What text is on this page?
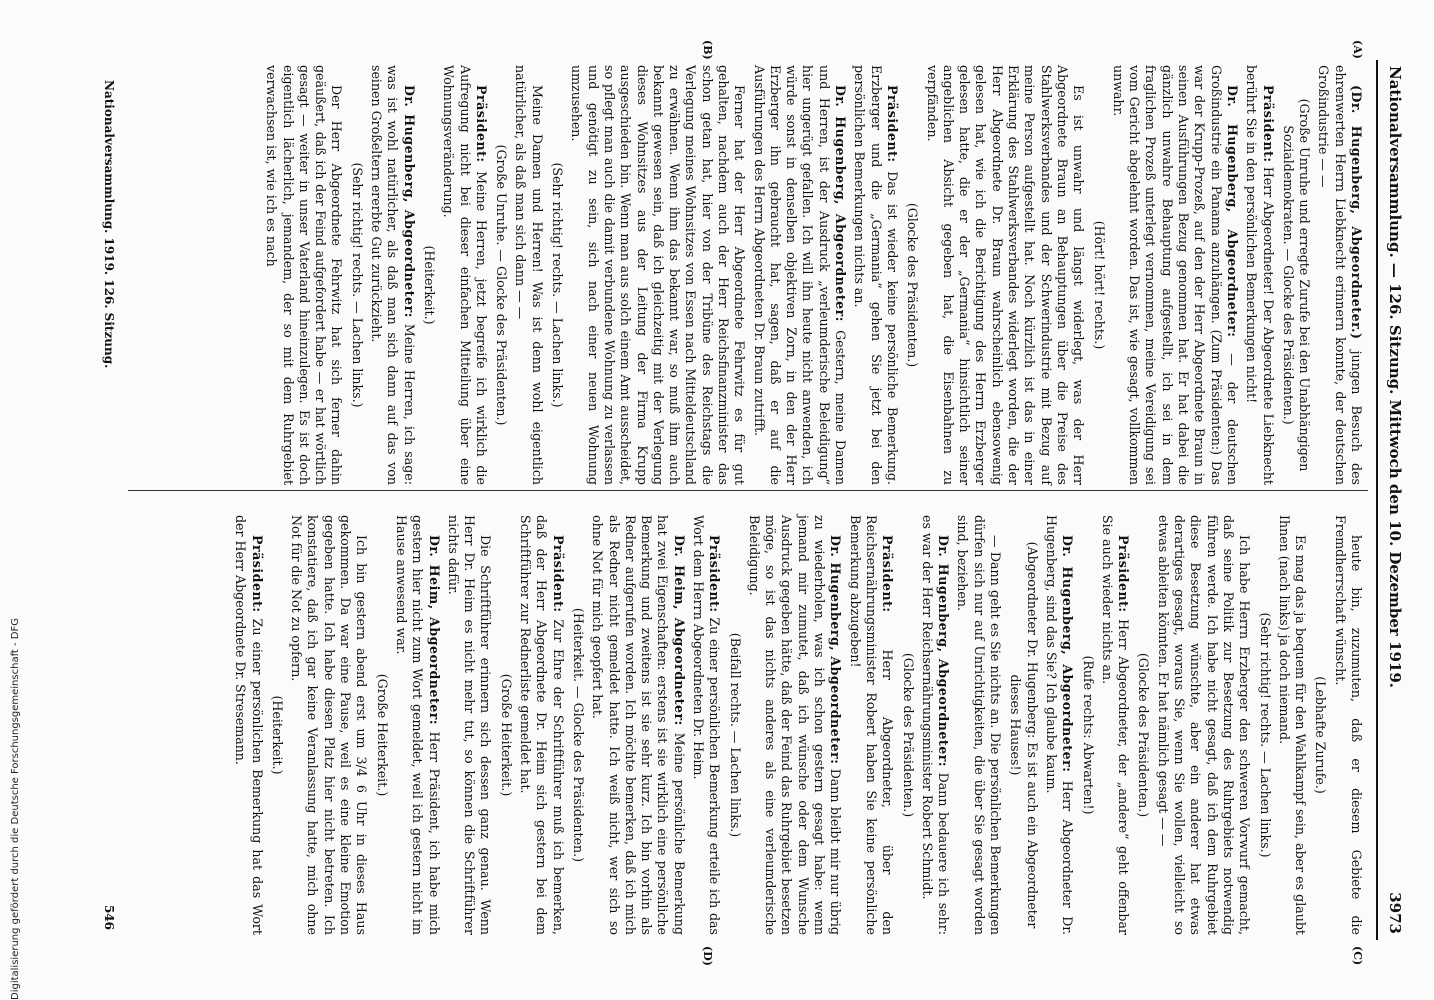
Nationalversammlung. — 126. Sitzung. Mittwoch den 10. Dezember 1919.
3973
(A)
(B)
(C)
(D)

(Dr. Hugenberg, Abgeordneter.) jungen Besuch des ehrenwerten Herrn Liebknecht erinnern konnte, der deutschen Großindustrie — —

(Große Unruhe und erregte Zurufe bei den Unabhängigen Sozialdemokraten. — Glocke des Präsidenten.)

Präsident: Herr Abgeordneter! Der Abgeordnete Liebknecht berührt Sie in den persönlichen Bemerkungen nicht!

Dr. Hugenberg, Abgeordneter: — der deutschen Großindustrie ein Panama anzuhängen. (Zum Präsidenten:) Das war der Krupp-Prozeß, auf den der Herr Abgeordnete Braun in seinen Ausführungen Bezug genommen hat. Er hat dabei die gänzlich unwahre Behauptung aufgestellt, ich sei in dem fraglichen Prozeß unterlegt vernommen, meine Vereidigung sei vom Gericht abgelehnt worden. Das ist, wie gesagt, vollkommen unwahr.

(Hört! hört! rechts.)

Es ist unwahr und längst widerlegt, was der Herr Abgeordnete Braun an Behauptungen über die Preise des Stahlwerksverbandes und der Schwerindustrie mit Bezug auf meine Person aufgestellt hat. Noch kürzlich ist das in einer Erklärung des Stahlwerksverbandes widerlegt worden, die der Herr Abgeordnete Dr. Braun wahrscheinlich ebensowenig gelesen hat, wie ich die Berichtigung des Herrn Erzberger gelesen hatte, die er der „Germania“ hinsichtlich seiner angeblichen Absicht gegeben hat, die Eisenbahnen zu verpfänden.

(Glocke des Präsidenten.)

Präsident: Das ist wieder keine persönliche Bemerkung. Erzberger und die „Germania“ gehen Sie jetzt bei den persönlichen Bemerkungen nichts an.

Dr. Hugenberg, Abgeordneter: Gestern, meine Damen und Herren, ist der Ausdruck „verleumderische Beleidigung“ hier ungerügt gefallen. Ich will ihn heute nicht anwenden, ich würde sonst in denselben objektiven Zorn, in den der Herr Erzberger ihn gebraucht hat, sagen, daß er auf die Ausführungen des Herrn Abgeordneten Dr. Braun zutrifft.

Ferner hat der Herr Abgeordnete Fehrwitz es für gut gehalten, nachdem auch der Herr Reichsfinanzminister das schon getan hat, hier von der Tribüne des Reichstags die Verlegung meines Wohnsitzes von Essen nach Mitteldeutschland zu erwähnen. Wenn ihm das bekannt war, so muß ihm auch bekannt gewesen sein, daß ich gleichzeitig mit der Verlegung dieses Wohnsitzes aus der Leitung der Firma Krupp ausgeschieden bin. Wenn man aus solch einem Amt ausscheidet, so pflegt man auch die damit verbundene Wohnung zu verlassen und genötigt zu sein, sich nach einer neuen Wohnung umzusehen.

(Sehr richtig! rechts. — Lachen links.)

Meine Damen und Herren! Was ist denn wohl eigentlich natürlicher, als daß man sich dann — —

(Große Unruhe. — Glocke des Präsidenten.)

Präsident: Meine Herren, jetzt begreife ich wirklich die Aufregung nicht bei dieser einfachen Mitteilung über eine Wohnungsveränderung.

(Heiterkeit.)

Dr. Hugenberg, Abgeordneter: Meine Herren, ich sage: was ist wohl natürlicher, als daß man sich dann auf das von seinen Großeltern ererbte Gut zurückzieht.

(Sehr richtig! rechts. — Lachen links.)

Der Herr Abgeordnete Fehrwitz hat sich ferner dahin geäußert, daß ich der Feind aufgefordert habe — er hat wörtlich gesagt — weiter in unser Vaterland hineinzulegen. Es ist doch eigentlich lächerlich, jemandem, der so mit dem Ruhrgebiet verwachsen ist, wie ich es nach

heute bin, zuzumuten, daß er diesem Gebiete die Fremdherrschaft wünscht.

(Lebhafte Zurufe.)

Es mag das ja bequem für den Wahlkampf sein, aber es glaubt Ihnen (nach links) ja doch niemand.

(Sehr richtig! rechts. — Lachen links.)

Ich habe Herrn Erzberger den schweren Vorwurf gemacht, daß seine Politik zur Besetzung des Ruhrgebiets notwendig führen werde. Ich habe nicht gesagt, daß ich dem Ruhrgebiet diese Besetzung wünschte, aber ein anderer hat etwas derartiges gesagt, woraus Sie, wenn Sie wollen, vielleicht so etwas ableiten könnten. Er hat nämlich gesagt — —

(Glocke des Präsidenten.)

Präsident: Herr Abgeordneter, der „andere“ geht offenbar Sie auch wieder nichts an.

(Rufe rechts: Abwarten!)

Dr. Hugenberg, Abgeordneter: Herr Abgeordneter Dr. Hugenberg, sind das Sie? Ich glaube kaum.

(Abgeordneter Dr. Hugenberg: Es ist auch ein Abgeordneter dieses Hauses!)

— Dann geht es Sie nichts an. Die persönlichen Bemerkungen dürfen sich nur auf Unrichtigkeiten, die über Sie gesagt worden sind, beziehen.

Dr. Hugenberg, Abgeordneter: Dann bedauere ich sehr: es war der Herr Reichsernährungsminister Robert Schmidt.

(Glocke des Präsidenten.)

Präsident: Herr Abgeordneter, über den Reichsernährungsminister Robert haben Sie keine persönliche Bemerkung abzugeben!

Dr. Hugenberg, Abgeordneter: Dann bleibt mir nur übrig zu wiederholen, was ich schon gestern gesagt habe: wenn jemand mir zumutet, daß ich wünsche oder dem Wunsche Ausdruck gegeben hätte, daß der Feind das Ruhrgebiet besetzen möge, so ist das nichts anderes als eine verleumderische Beleidigung.

(Beifall rechts. — Lachen links.)

Präsident: Zu einer persönlichen Bemerkung erteile ich das Wort dem Herrn Abgeordneten Dr. Heim.

Dr. Heim, Abgeordneter: Meine persönliche Bemerkung hat zwei Eigenschaften: erstens ist sie wirklich eine persönliche Bemerkung und zweitens ist sie sehr kurz. Ich bin vorhin als Redner aufgerufen worden. Ich möchte bemerken, daß ich mich als Redner nicht gemeldet hatte. Ich weiß nicht, wer sich so ohne Not für mich geopfert hat.

(Heiterkeit. — Glocke des Präsidenten.)

Präsident: Zur Ehre der Schriftführer muß ich bemerken, daß der Herr Abgeordnete Dr. Heim sich gestern bei dem Schriftführer zur Rednerliste gemeldet hat.

(Große Heiterkeit.)

Die Schriftführer erinnern sich dessen ganz genau. Wenn Herr Dr. Heim es nicht mehr tut, so können die Schriftführer nichts dafür.

Dr. Heim, Abgeordneter: Herr Präsident, ich habe mich gestern hier nicht zum Wort gemeldet, weil ich gestern nicht im Hause anwesend war.

(Große Heiterkeit.)

Ich bin gestern abend erst um 3/4 6 Uhr in dieses Haus gekommen. Da war eine Pause, weil es eine kleine Emotion gegeben hatte. Ich habe diesen Platz hier nicht betreten. Ich konstatiere, daß ich gar keine Veranlassung hatte, mich ohne Not für die Not zu opfern.

(Heiterkeit.)

Präsident: Zu einer persönlichen Bemerkung hat das Wort der Herr Abgeordnete Dr. Stresemann.

Nationalversammlung. 1919. 126. Sitzung.
546
Digitalisierung gefördert durch die Deutsche Forschungsgemeinschaft - DFG
